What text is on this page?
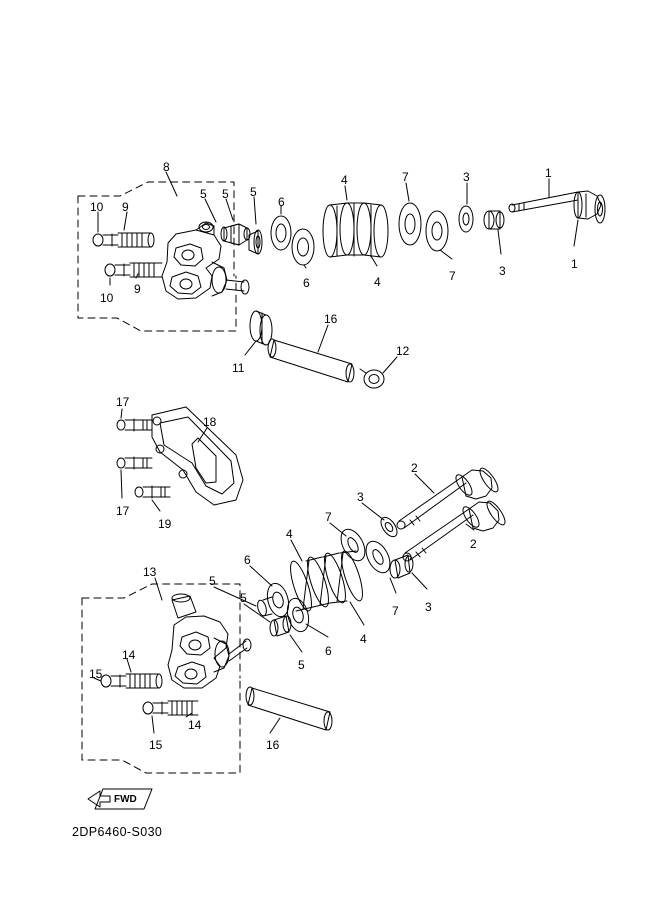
8
5 5 5
6
4	7	3	1
10 9
6	4	7	3	1
10
9
16
12
11
17
18
17
19
2
3
7
4
2
6
5
5
13
7 3
4
6
5
14
15
14
15	16
FWD
2DP6460-S030
